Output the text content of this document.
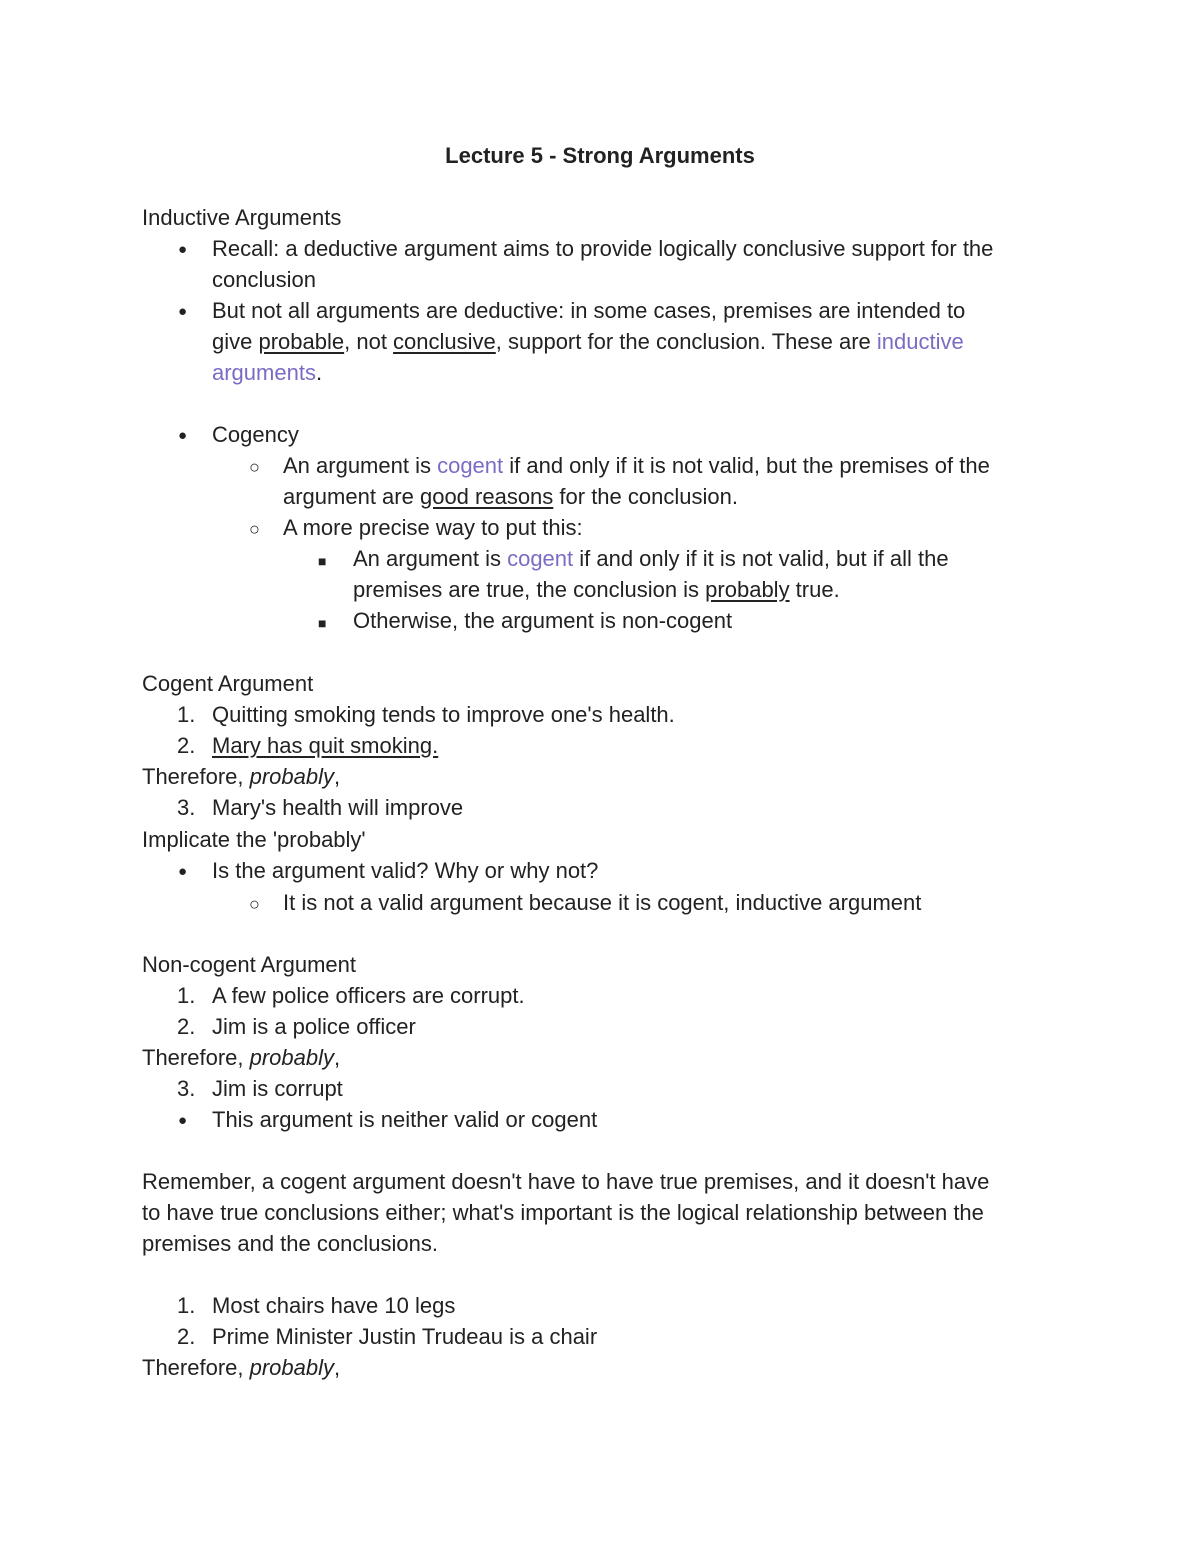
Lecture 5 - Strong Arguments
Inductive Arguments
● Recall: a deductive argument aims to provide logically conclusive support for the
conclusion
● But not all arguments are deductive: in some cases, premises are intended to
give probable, not conclusive, support for the conclusion. These are inductive
arguments.
● Cogency
○ An argument is cogent if and only if it is not valid, but the premises of the
argument are good reasons for the conclusion.
○ A more precise way to put this:
■ An argument is cogent if and only if it is not valid, but if all the
premises are true, the conclusion is probably true.
■ Otherwise, the argument is non-cogent
Cogent Argument
1. Quitting smoking tends to improve one's health.
2. Mary has quit smoking.
Therefore, probably,
3. Mary's health will improve
Implicate the 'probably'
● Is the argument valid? Why or why not?
○ It is not a valid argument because it is cogent, inductive argument
Non-cogent Argument
1. A few police officers are corrupt.
2. Jim is a police officer
Therefore, probably,
3. Jim is corrupt
● This argument is neither valid or cogent
Remember, a cogent argument doesn't have to have true premises, and it doesn't have
to have true conclusions either; what's important is the logical relationship between the
premises and the conclusions.
1. Most chairs have 10 legs
2. Prime Minister Justin Trudeau is a chair
Therefore, probably,
